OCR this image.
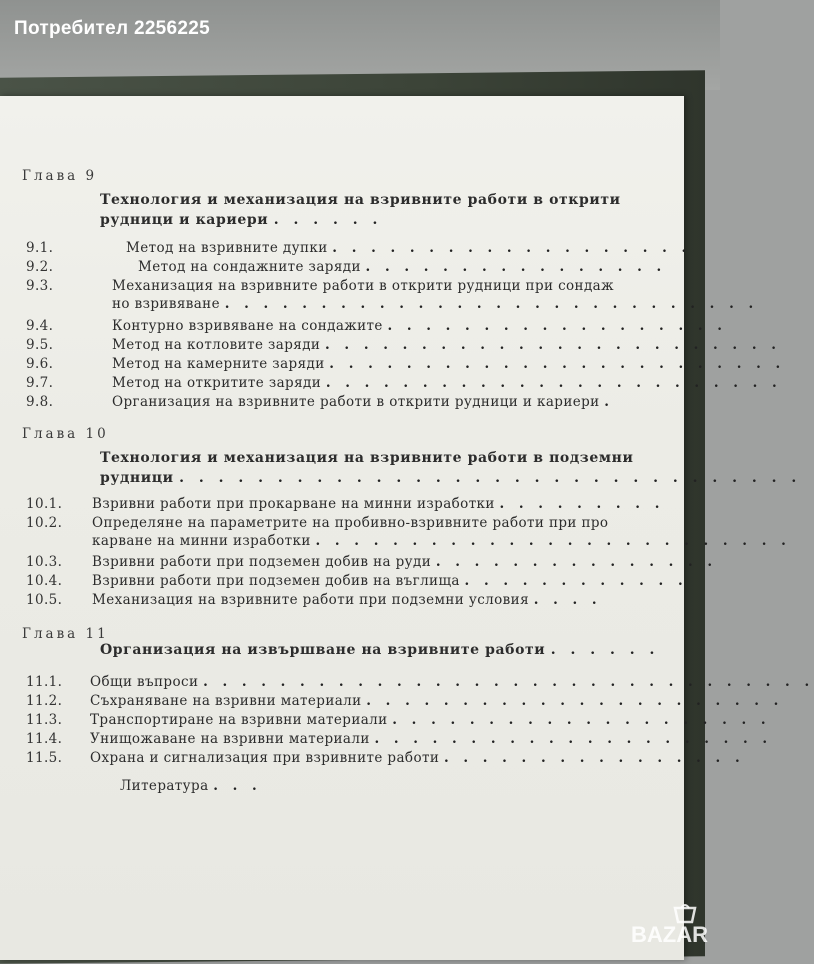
Потребител 2256225
Глава 9
Технология и механизация на взривните работи в открити
рудници и кариери . . . . . .
9.1.	Метод на взривните дупки . . . . . . . . . . . . . . . . . . .
9.2.	Метод на сондажните заряди . . . . . . . . . . . . . . . .
9.3.	Механизация на взривните работи в открити рудници при сондаж
но взривяване . . . . . . . . . . . . . . . . . . . . . . . . . . . .
9.4.	Контурно взривяване на сондажите . . . . . . . . . . . . . . . . . .
9.5.	Метод на котловите заряди . . . . . . . . . . . . . . . . . . . . . . . .
9.6.	Метод на камерните заряди . . . . . . . . . . . . . . . . . . . . . . . .
9.7.	Метод на откритите заряди . . . . . . . . . . . . . . . . . . . . . . . .
9.8.	Организация на взривните работи в открити рудници и кариери .
Глава 10
Технология и механизация на взривните работи в подземни
рудници . . . . . . . . . . . . . . . . . . . . . . . . . . . . . . . .
10.1. Взривни работи при прокарване на минни изработки . . . . . . . . .
10.2. Определяне на параметрите на пробивно-взривните работи при про
карване на минни изработки . . . . . . . . . . . . . . . . . . . . . . . . .
10.3. Взривни работи при подземен добив на руди . . . . . . . . . . . . . . .
10.4. Взривни работи при подземен добив на въглища . . . . . . . . . . . .
10.5. Механизация на взривните работи при подземни условия . . . .
Глава 11
Организация на извършване на взривните работи . . . . . .
11.1. Общи въпроси . . . . . . . . . . . . . . . . . . . . . . . . . . . . . . . .
11.2. Съхраняване на взривни материали . . . . . . . . . . . . . . . . . . . . . .
11.3. Транспортиране на взривни материали . . . . . . . . . . . . . . . . . . . .
11.4. Унищожаване на взривни материали . . . . . . . . . . . . . . . . . . . . .
11.5. Охрана и сигнализация при взривните работи . . . . . . . . . . . . . . . .
Литература . . .
BAZAR
